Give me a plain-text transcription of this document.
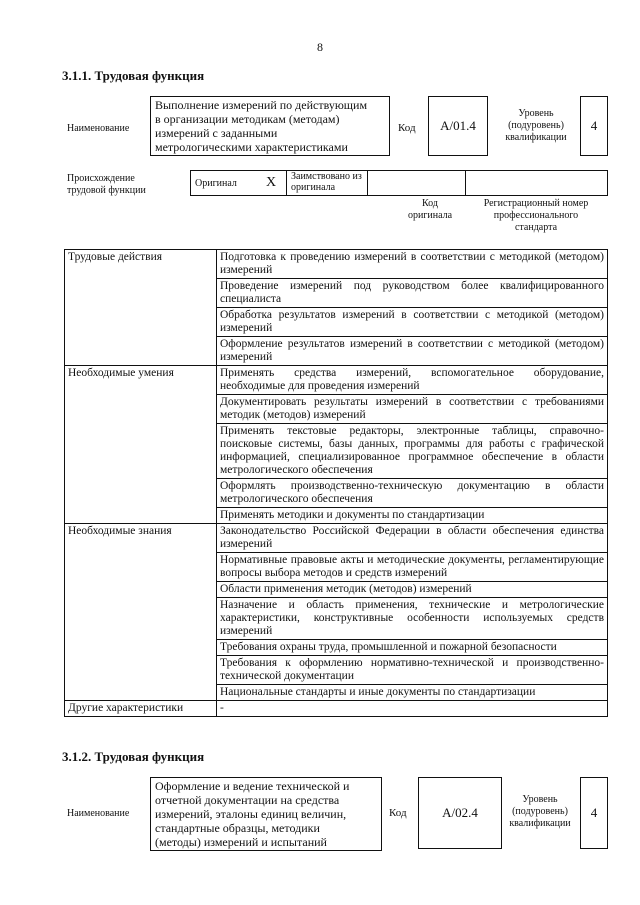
8
3.1.1. Трудовая функция
Наименование
Выполнение измерений по действующим
в организации методикам (методам)
измерений с заданными
метрологическими характеристиками
Код А/01.4
Уровень
(подуровень)
квалификации
4
Происхождение
трудовой функции
Оригинал X Заимствовано из
оригинала
Код
оригинала
Регистрационный номер
профессионального
стандарта
Трудовые действия	Подготовка к проведению измерений в соответствии с методикой (методом) измерений
	Проведение измерений под руководством более квалифицированного специалиста
	Обработка результатов измерений в соответствии с методикой (методом) измерений
	Оформление результатов измерений в соответствии с методикой (методом) измерений
Необходимые умения	Применять средства измерений, вспомогательное оборудование, необходимые для проведения измерений
	Документировать результаты измерений в соответствии с требованиями методик (методов) измерений
	Применять текстовые редакторы, электронные таблицы, справочно-поисковые системы, базы данных, программы для работы с графической информацией, специализированное программное обеспечение в области метрологического обеспечения
	Оформлять производственно-техническую документацию в области метрологического обеспечения
	Применять методики и документы по стандартизации
Необходимые знания	Законодательство Российской Федерации в области обеспечения единства измерений
	Нормативные правовые акты и методические документы, регламентирующие вопросы выбора методов и средств измерений
	Области применения методик (методов) измерений
	Назначение и область применения, технические и метрологические характеристики, конструктивные особенности используемых средств измерений
	Требования охраны труда, промышленной и пожарной безопасности
	Требования к оформлению нормативно-технической и производственно-технической документации
	Национальные стандарты и иные документы по стандартизации
Другие характеристики	-
3.1.2. Трудовая функция
Наименование
Оформление и ведение технической и
отчетной документации на средства
измерений, эталоны единиц величин,
стандартные образцы, методики
(методы) измерений и испытаний
Код	А/02.4
Уровень
(подуровень)
квалификации
4
